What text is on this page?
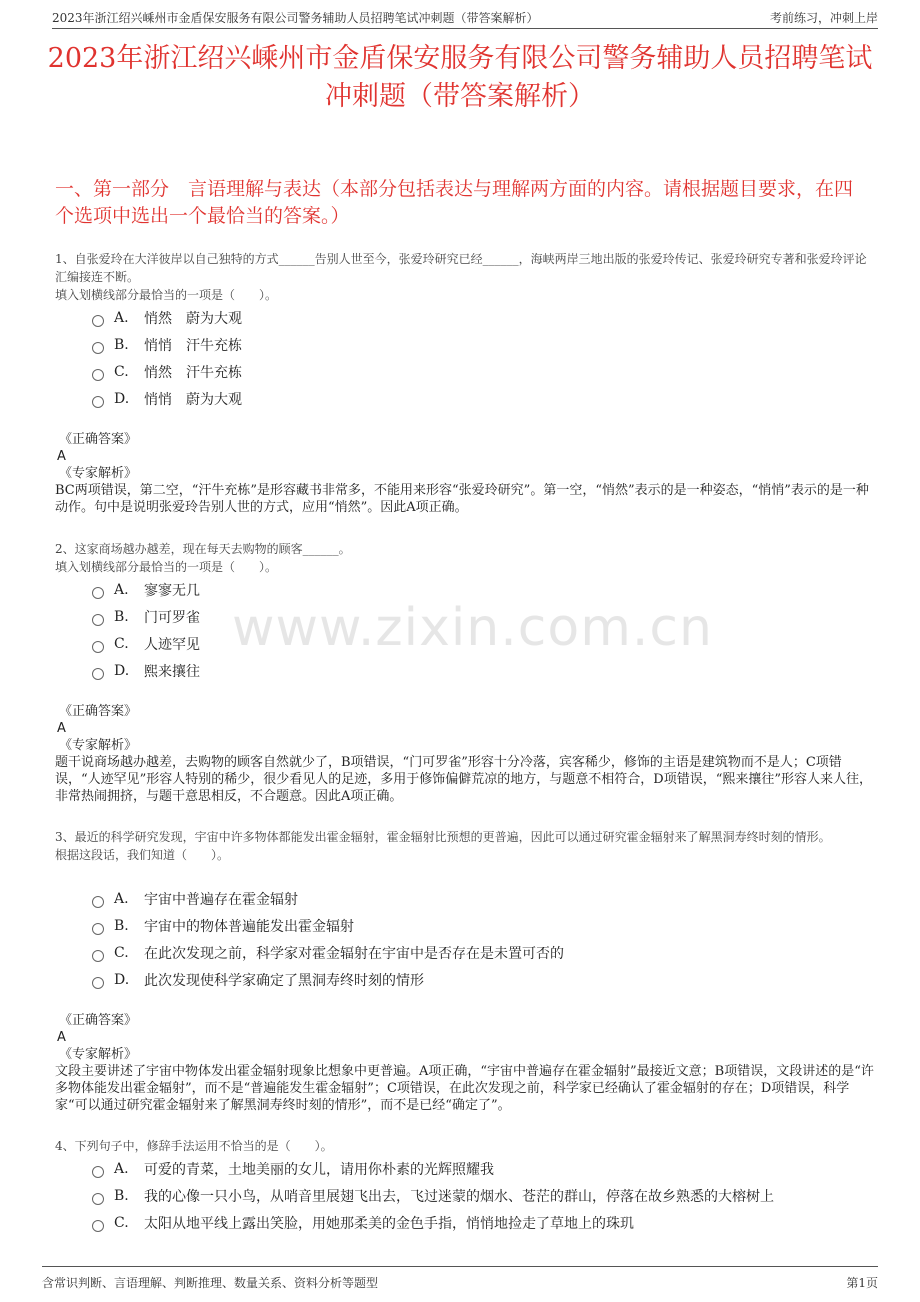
2023年浙江绍兴嵊州市金盾保安服务有限公司警务辅助人员招聘笔试冲刺题（带答案解析）	考前练习，冲刺上岸
2023年浙江绍兴嵊州市金盾保安服务有限公司警务辅助人员招聘笔试冲刺题（带答案解析）
一、第一部分　言语理解与表达（本部分包括表达与理解两方面的内容。请根据题目要求，在四个选项中选出一个最恰当的答案。）
www.zixin.com.cn

1、自张爱玲在大洋彼岸以自己独特的方式______告别人世至今，张爱玲研究已经______，海峡两岸三地出版的张爱玲传记、张爱玲研究专著和张爱玲评论汇编接连不断。

填入划横线部分最恰当的一项是（　　）。

A.	悄然　蔚为大观
B.	悄悄　汗牛充栋
C.	悄然　汗牛充栋
D.	悄悄　蔚为大观

《正确答案》

A

《专家解析》

BC两项错误，第二空，“汗牛充栋”是形容藏书非常多，不能用来形容“张爱玲研究”。第一空，“悄然”表示的是一种姿态，“悄悄”表示的是一种动作。句中是说明张爱玲告别人世的方式，应用“悄然”。因此A项正确。

2、这家商场越办越差，现在每天去购物的顾客______。

填入划横线部分最恰当的一项是（　　）。

A.	寥寥无几
B.	门可罗雀
C.	人迹罕见
D.	熙来攘往

《正确答案》

A

《专家解析》

题干说商场越办越差，去购物的顾客自然就少了，B项错误，“门可罗雀”形容十分冷落，宾客稀少，修饰的主语是建筑物而不是人；C项错误，“人迹罕见”形容人特别的稀少，很少看见人的足迹，多用于修饰偏僻荒凉的地方，与题意不相符合，D项错误，“熙来攘往”形容人来人往，非常热闹拥挤，与题干意思相反，不合题意。因此A项正确。

3、最近的科学研究发现，宇宙中许多物体都能发出霍金辐射，霍金辐射比预想的更普遍，因此可以通过研究霍金辐射来了解黑洞寿终时刻的情形。

根据这段话，我们知道（　　）。

A.	宇宙中普遍存在霍金辐射
B.	宇宙中的物体普遍能发出霍金辐射
C.	在此次发现之前，科学家对霍金辐射在宇宙中是否存在是未置可否的
D.	此次发现使科学家确定了黑洞寿终时刻的情形

《正确答案》

A

《专家解析》

文段主要讲述了宇宙中物体发出霍金辐射现象比想象中更普遍。A项正确，“宇宙中普遍存在霍金辐射”最接近文意；B项错误，文段讲述的是“许多物体能发出霍金辐射”，而不是“普遍能发生霍金辐射”；C项错误，在此次发现之前，科学家已经确认了霍金辐射的存在；D项错误，科学家“可以通过研究霍金辐射来了解黑洞寿终时刻的情形”，而不是已经“确定了”。

4、下列句子中，修辞手法运用不恰当的是（　　）。

A.	可爱的青菜，土地美丽的女儿，请用你朴素的光辉照耀我
B.	我的心像一只小鸟，从哨音里展翅飞出去，飞过迷蒙的烟水、苍茫的群山，停落在故乡熟悉的大榕树上
C.	太阳从地平线上露出笑脸，用她那柔美的金色手指，悄悄地捡走了草地上的珠玑
含常识判断、言语理解、判断推理、数量关系、资料分析等题型	第1页
